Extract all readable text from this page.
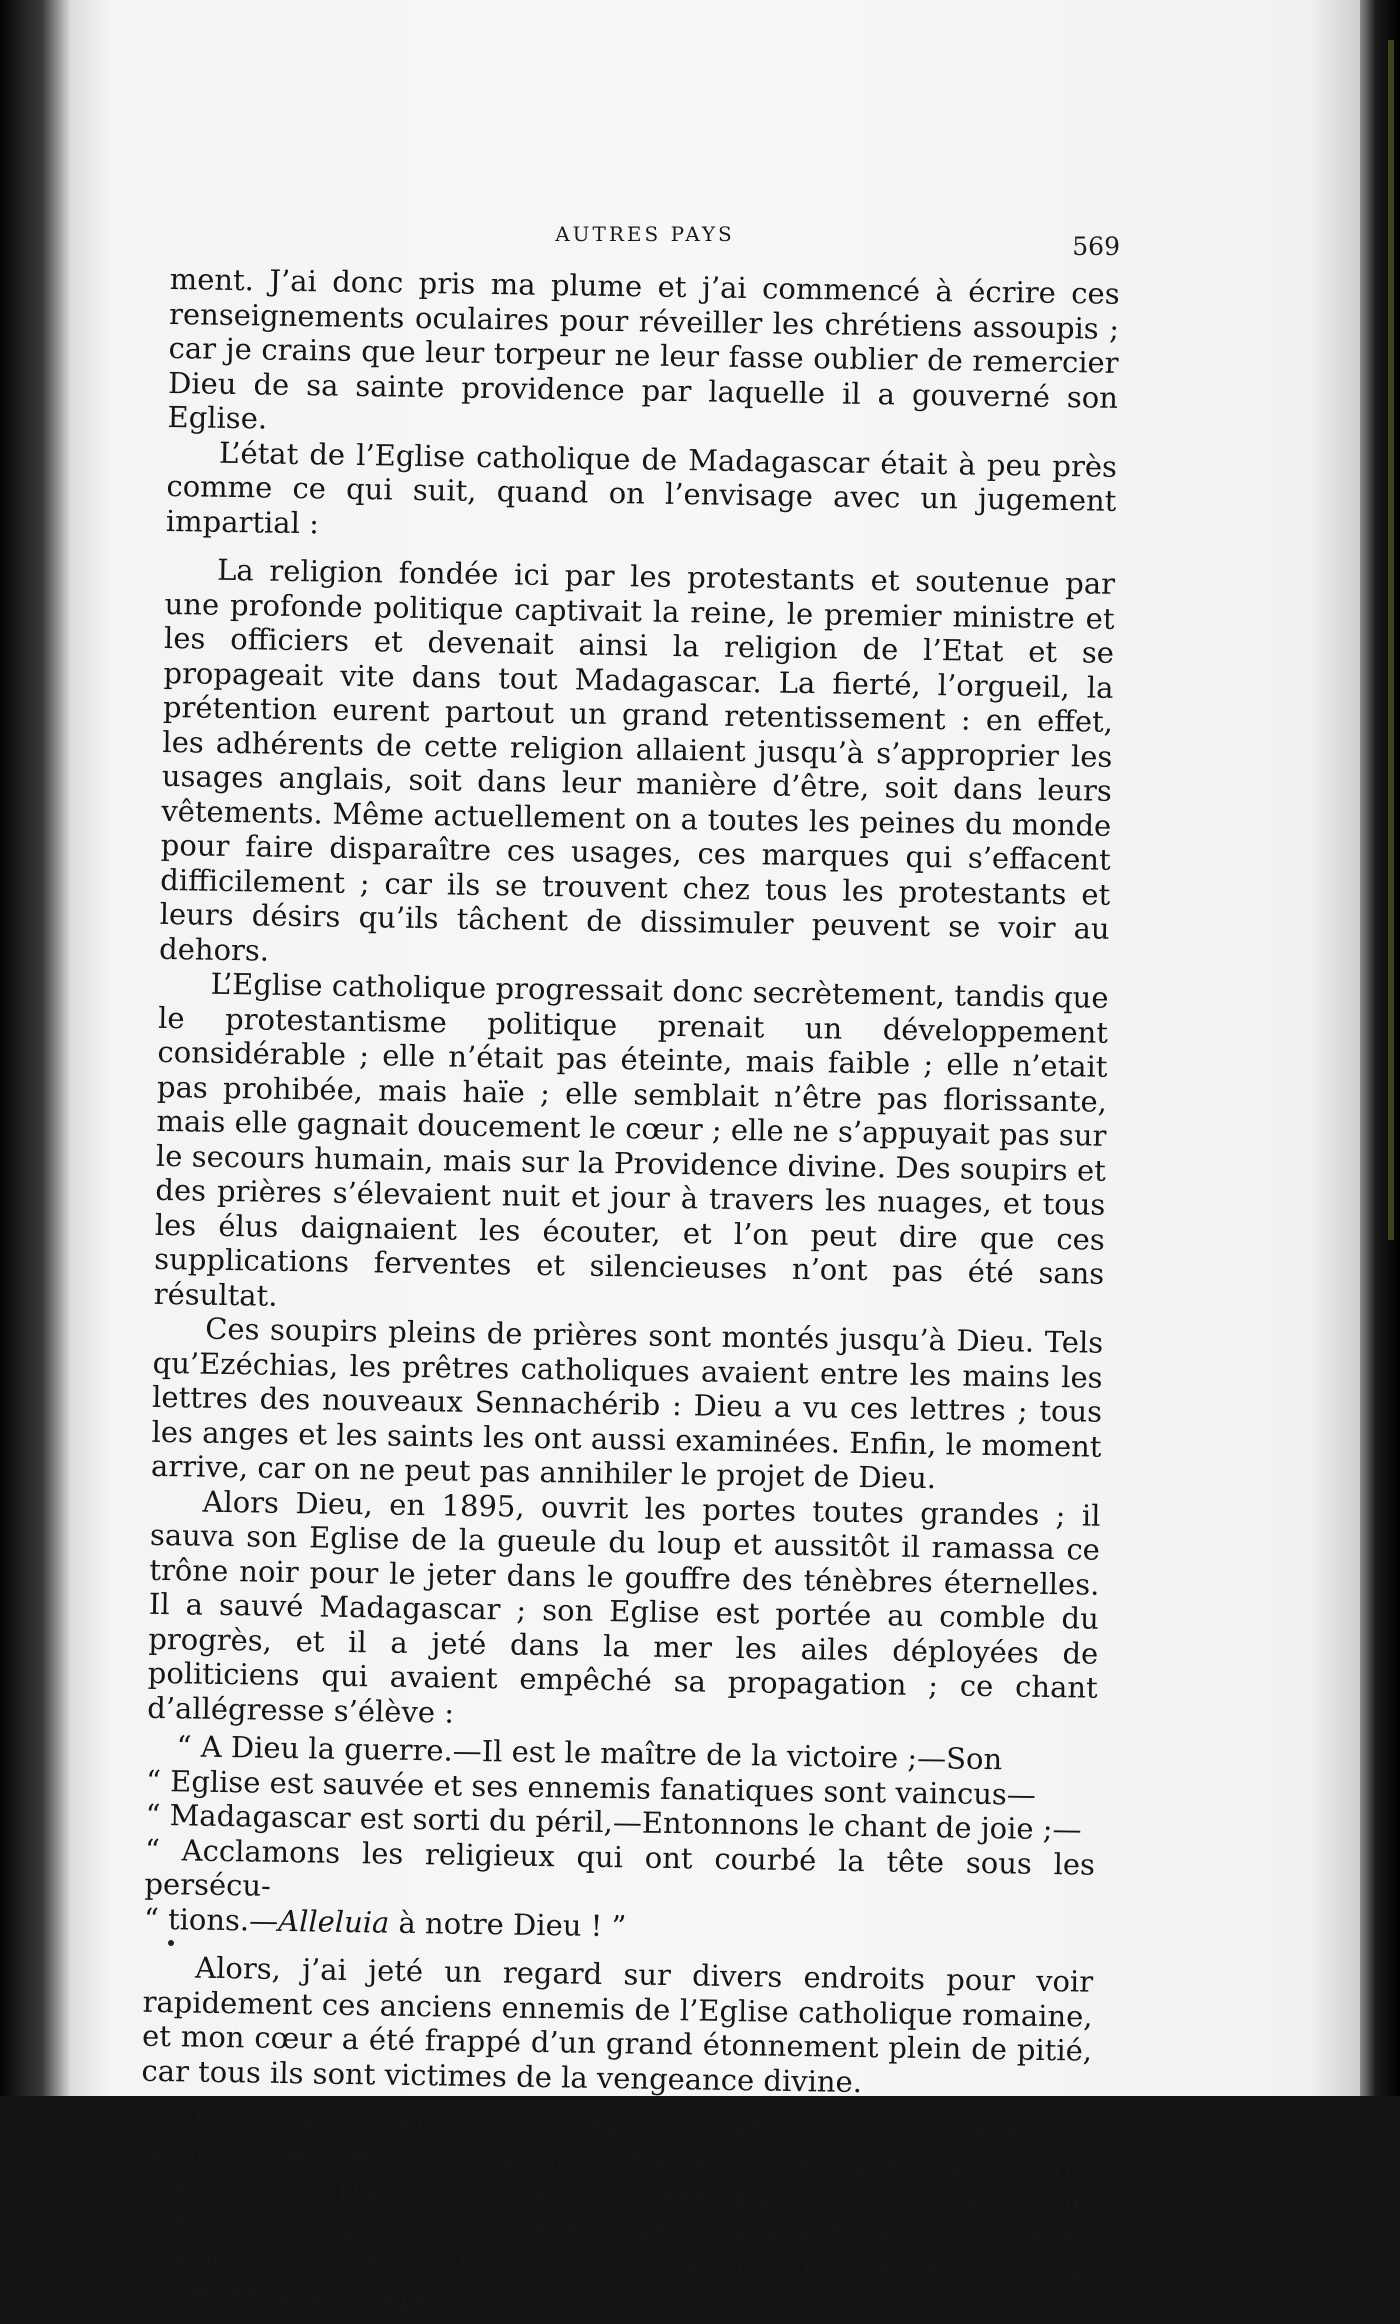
AUTRES PAYS	569

ment. J’ai donc pris ma plume et j’ai commencé à écrire ces renseignements oculaires pour réveiller les chrétiens assoupis ; car je crains que leur torpeur ne leur fasse oublier de remercier Dieu de sa sainte providence par laquelle il a gouverné son Eglise.

L’état de l’Eglise catholique de Madagascar était à peu près comme ce qui suit, quand on l’envisage avec un jugement impartial :

La religion fondée ici par les protestants et soutenue par une profonde politique captivait la reine, le premier ministre et les officiers et devenait ainsi la religion de l’Etat et se propageait vite dans tout Madagascar. La fierté, l’orgueil, la prétention eurent partout un grand retentissement : en effet, les adhérents de cette religion allaient jusqu’à s’approprier les usages anglais, soit dans leur manière d’être, soit dans leurs vêtements. Même actuellement on a toutes les peines du monde pour faire disparaître ces usages, ces marques qui s’effacent difficilement ; car ils se trouvent chez tous les protestants et leurs désirs qu’ils tâchent de dissimuler peuvent se voir au dehors.

L’Eglise catholique progressait donc secrètement, tandis que le protestantisme politique prenait un développement considérable ; elle n’était pas éteinte, mais faible ; elle n’etait pas prohibée, mais haïe ; elle semblait n’être pas florissante, mais elle gagnait doucement le cœur ; elle ne s’appuyait pas sur le secours humain, mais sur la Providence divine. Des soupirs et des prières s’élevaient nuit et jour à travers les nuages, et tous les élus daignaient les écouter, et l’on peut dire que ces supplications ferventes et silencieuses n’ont pas été sans résultat.

Ces soupirs pleins de prières sont montés jusqu’à Dieu. Tels qu’Ezéchias, les prêtres catholiques avaient entre les mains les lettres des nouveaux Sennachérib : Dieu a vu ces lettres ; tous les anges et les saints les ont aussi examinées. Enfin, le moment arrive, car on ne peut pas annihiler le projet de Dieu.

Alors Dieu, en 1895, ouvrit les portes toutes grandes ; il sauva son Eglise de la gueule du loup et aussitôt il ramassa ce trône noir pour le jeter dans le gouffre des ténèbres éternelles. Il a sauvé Madagascar ; son Eglise est portée au comble du progrès, et il a jeté dans la mer les ailes déployées de politiciens qui avaient empêché sa propagation ; ce chant d’allégresse s’élève :

“ A Dieu la guerre.—Il est le maître de la victoire ;—Son

“ Eglise est sauvée et ses ennemis fanatiques sont vaincus—

“ Madagascar est sorti du péril,—Entonnons le chant de joie ;—

“ Acclamons les religieux qui ont courbé la tête sous les persécu-

“ tions.—Alleluia à notre Dieu ! ”

Alors, j’ai jeté un regard sur divers endroits pour voir rapidement ces anciens ennemis de l’Eglise catholique romaine, et mon cœur a été frappé d’un grand étonnement plein de pitié, car tous ils sont victimes de la vengeance divine.

Examinez bien cela, chers chrétiens, car c’est un témoignage de la vérité de notre Eglise et une marque de l’amour que Dieu a pour elle. Certes, pas un des ennemis de notre Eglise qui ne soit châtié. Ah ! j’ai été tellement surpris que je fus sur le point d’inscrire ici le nom de chacun. Non ! je ne le ferai pas, cepen-
